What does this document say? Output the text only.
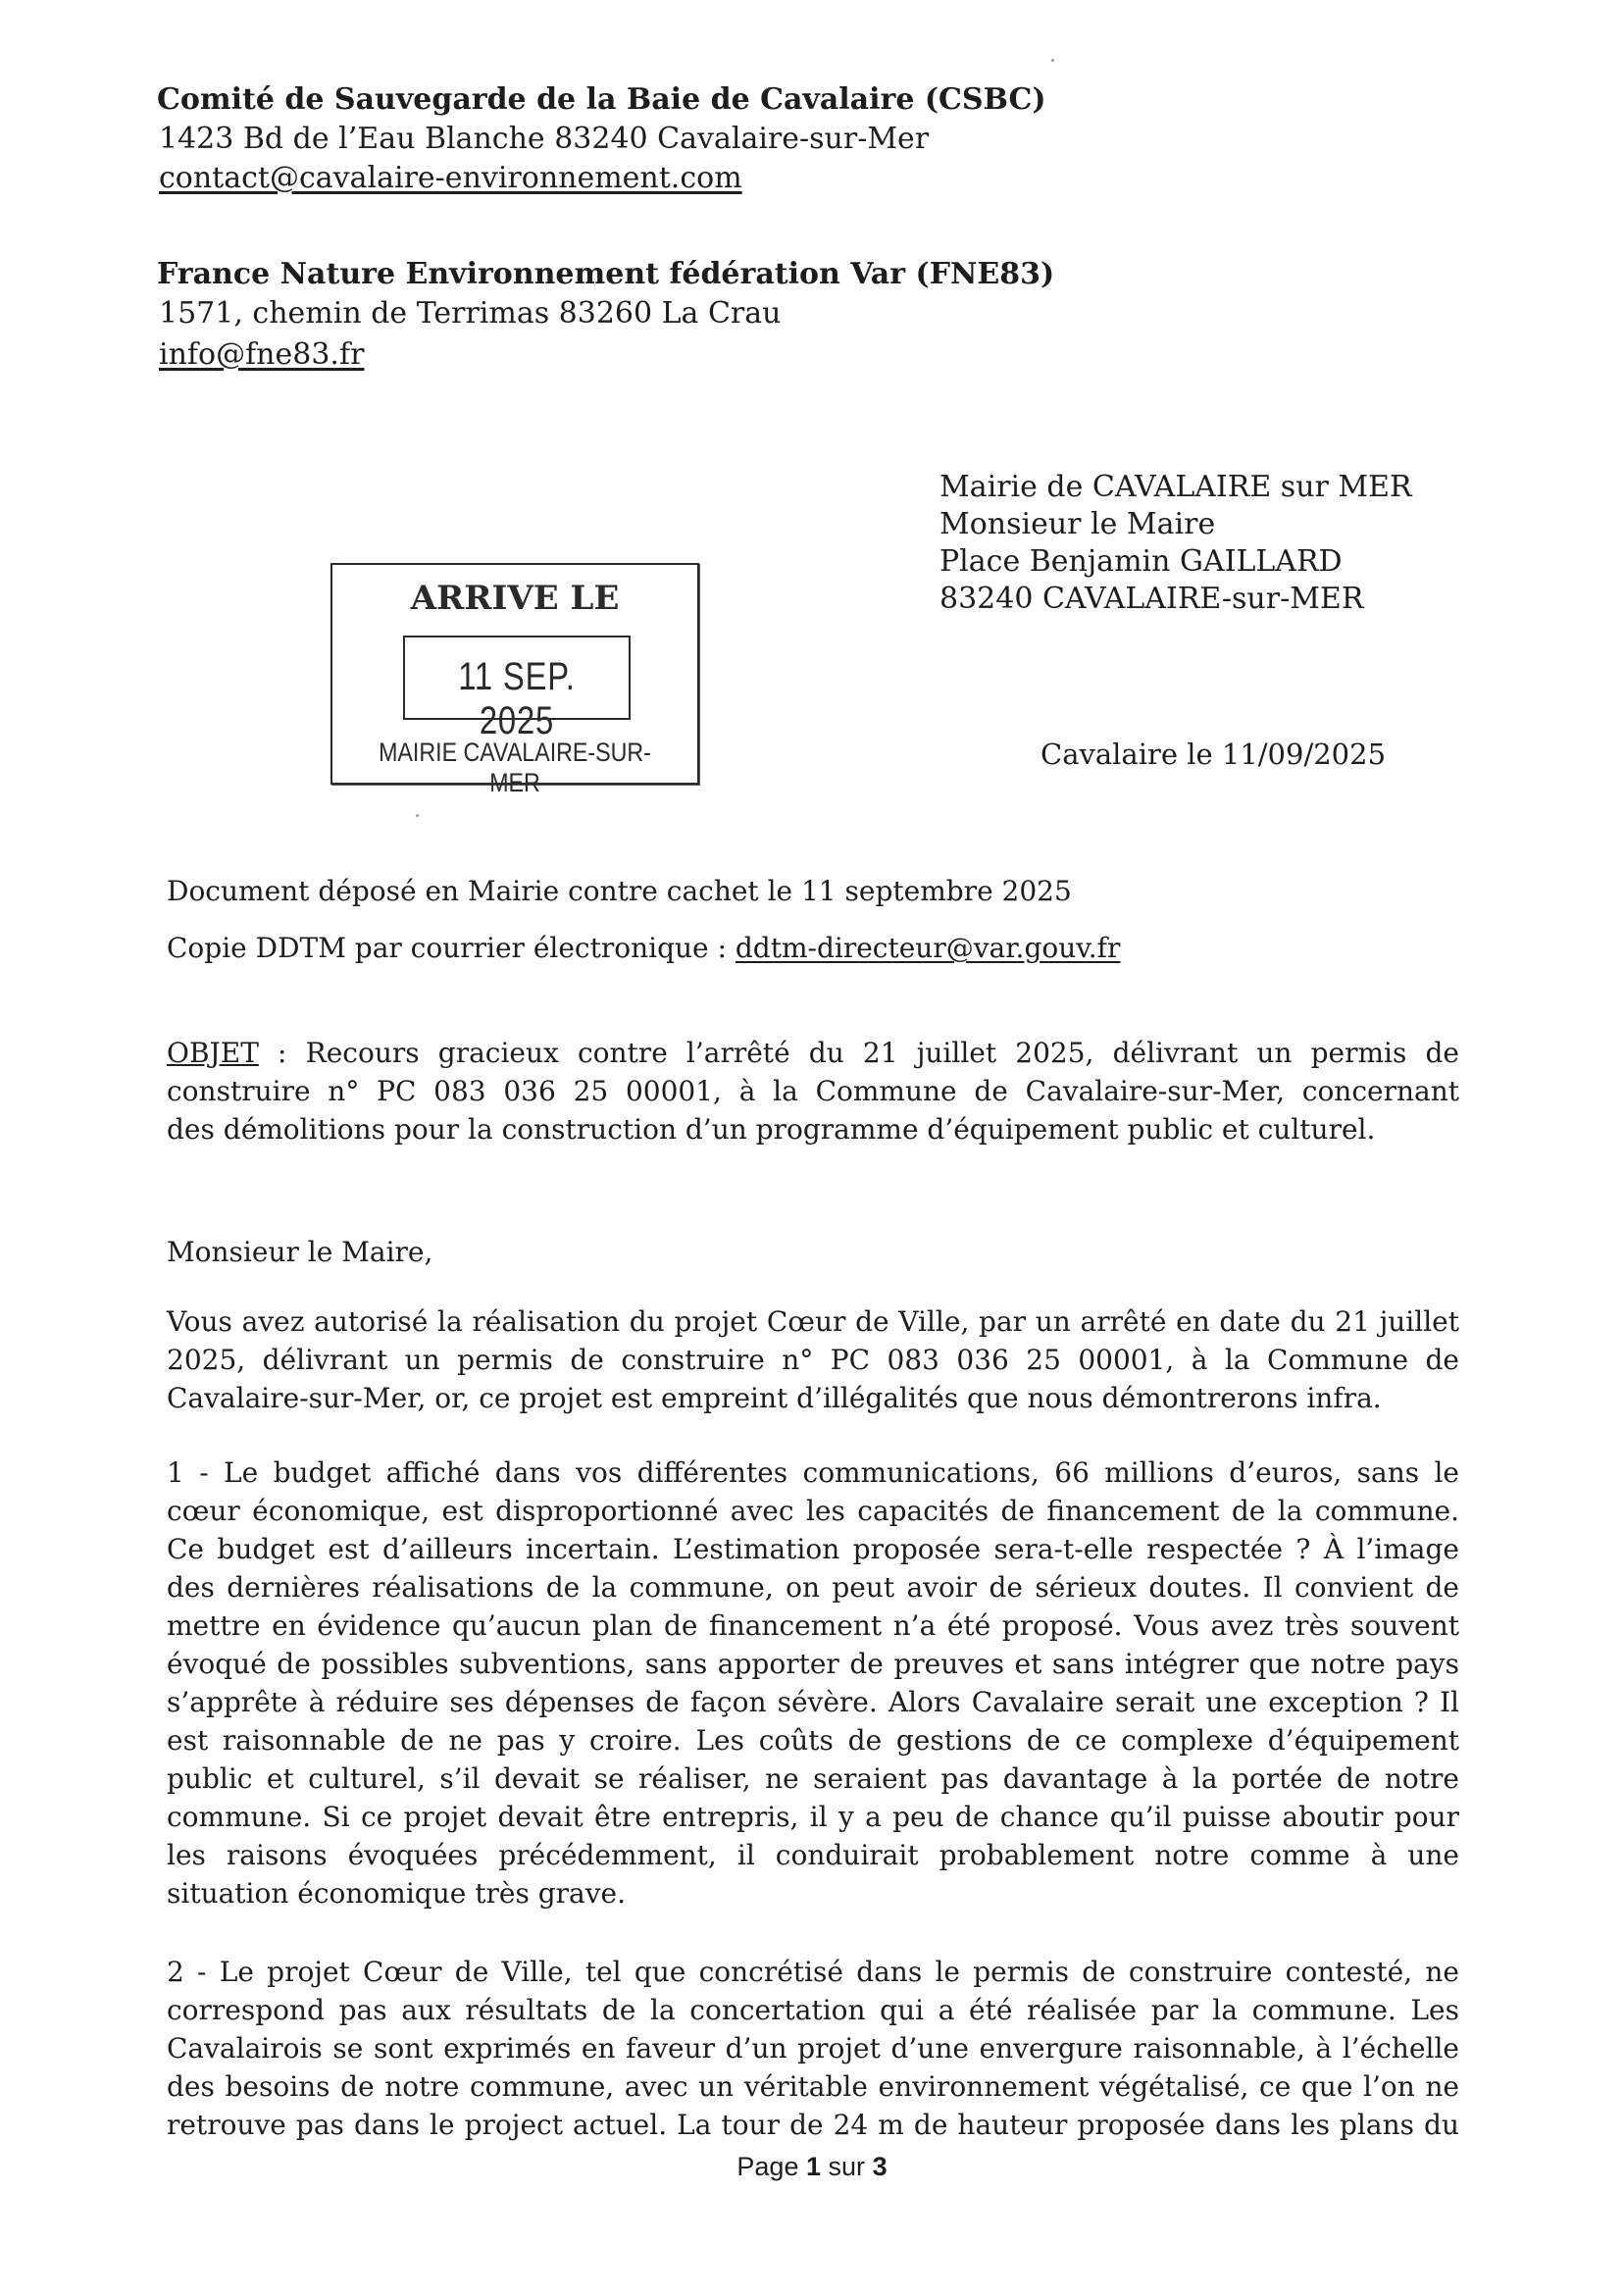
Comité de Sauvegarde de la Baie de Cavalaire (CSBC)
1423 Bd de l’Eau Blanche 83240 Cavalaire-sur-Mer
contact@cavalaire-environnement.com
France Nature Environnement fédération Var (FNE83)
1571, chemin de Terrimas 83260 La Crau
info@fne83.fr
Mairie de CAVALAIRE sur MER
Monsieur le Maire
Place Benjamin GAILLARD
83240 CAVALAIRE-sur-MER
ARRIVE LE
11 SEP. 2025
MAIRIE CAVALAIRE-SUR-MER
Cavalaire le 11/09/2025
Document déposé en Mairie contre cachet le 11 septembre 2025
Copie DDTM par courrier électronique : ddtm-directeur@var.gouv.fr
OBJET : Recours gracieux contre l’arrêté du 21 juillet 2025, délivrant un permis de
construire n° PC 083 036 25 00001, à la Commune de Cavalaire-sur-Mer, concernant
des démolitions pour la construction d’un programme d’équipement public et culturel.
Monsieur le Maire,
Vous avez autorisé la réalisation du projet Cœur de Ville, par un arrêté en date du 21 juillet
2025, délivrant un permis de construire n° PC 083 036 25 00001, à la Commune de
Cavalaire-sur-Mer, or, ce projet est empreint d’illégalités que nous démontrerons infra.
1 - Le budget affiché dans vos différentes communications, 66 millions d’euros, sans le
cœur économique, est disproportionné avec les capacités de financement de la commune.
Ce budget est d’ailleurs incertain. L’estimation proposée sera-t-elle respectée ? À l’image
des dernières réalisations de la commune, on peut avoir de sérieux doutes. Il convient de
mettre en évidence qu’aucun plan de financement n’a été proposé. Vous avez très souvent
évoqué de possibles subventions, sans apporter de preuves et sans intégrer que notre pays
s’apprête à réduire ses dépenses de façon sévère. Alors Cavalaire serait une exception ? Il
est raisonnable de ne pas y croire. Les coûts de gestions de ce complexe d’équipement
public et culturel, s’il devait se réaliser, ne seraient pas davantage à la portée de notre
commune. Si ce projet devait être entrepris, il y a peu de chance qu’il puisse aboutir pour
les raisons évoquées précédemment, il conduirait probablement notre comme à une
situation économique très grave.
2 - Le projet Cœur de Ville, tel que concrétisé dans le permis de construire contesté, ne
correspond pas aux résultats de la concertation qui a été réalisée par la commune. Les
Cavalairois se sont exprimés en faveur d’un projet d’une envergure raisonnable, à l’échelle
des besoins de notre commune, avec un véritable environnement végétalisé, ce que l’on ne
retrouve pas dans le project actuel. La tour de 24 m de hauteur proposée dans les plans du
Page 1 sur 3
